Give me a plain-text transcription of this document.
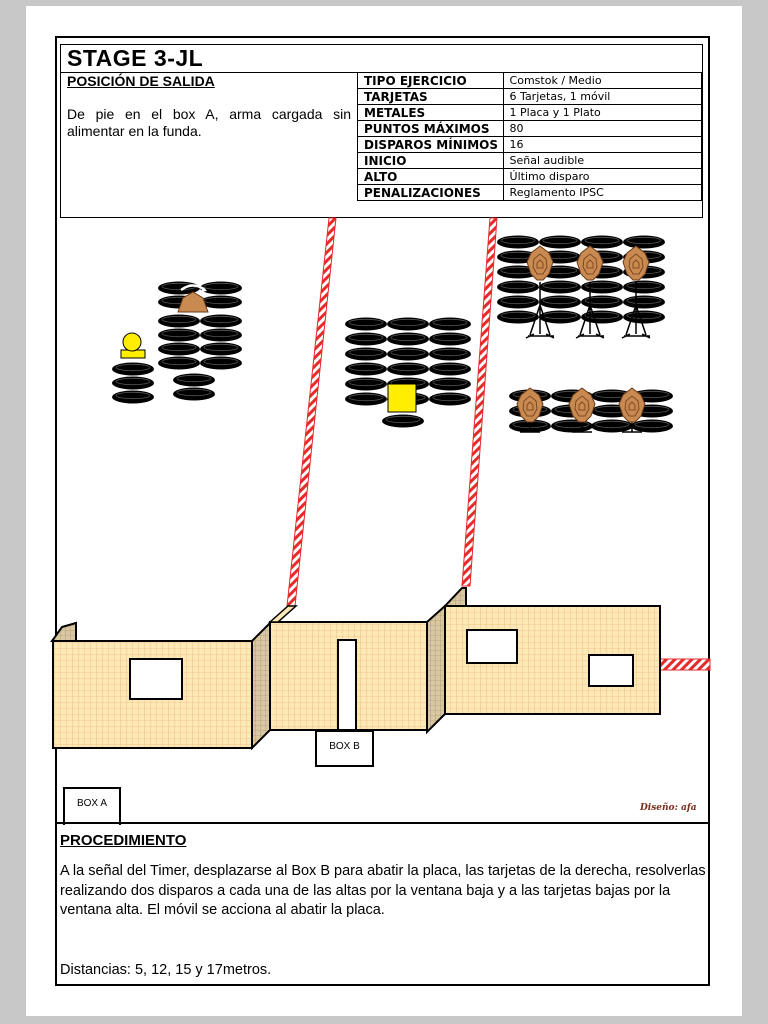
STAGE 3-JL
POSICIÓN DE SALIDA
De pie en el box A, arma cargada sin alimentar en la funda.
TIPO EJERCICIO	Comstok / Medio
TARJETAS	6 Tarjetas, 1 móvil
METALES	1 Placa y 1 Plato
PUNTOS MÁXIMOS	80
DISPAROS MÍNIMOS	16
INICIO	Señal audible
ALTO	Último disparo
PENALIZACIONES	Reglamento IPSC
BOX B
BOX A	Diseño: afa
PROCEDIMIENTO
A la señal del Timer, desplazarse al Box B para abatir la placa, las tarjetas de la derecha, resolverlas realizando dos disparos a cada una de las altas por la ventana baja y a las tarjetas bajas por la ventana alta. El móvil se acciona al abatir la placa.
Distancias: 5, 12, 15 y 17metros.
